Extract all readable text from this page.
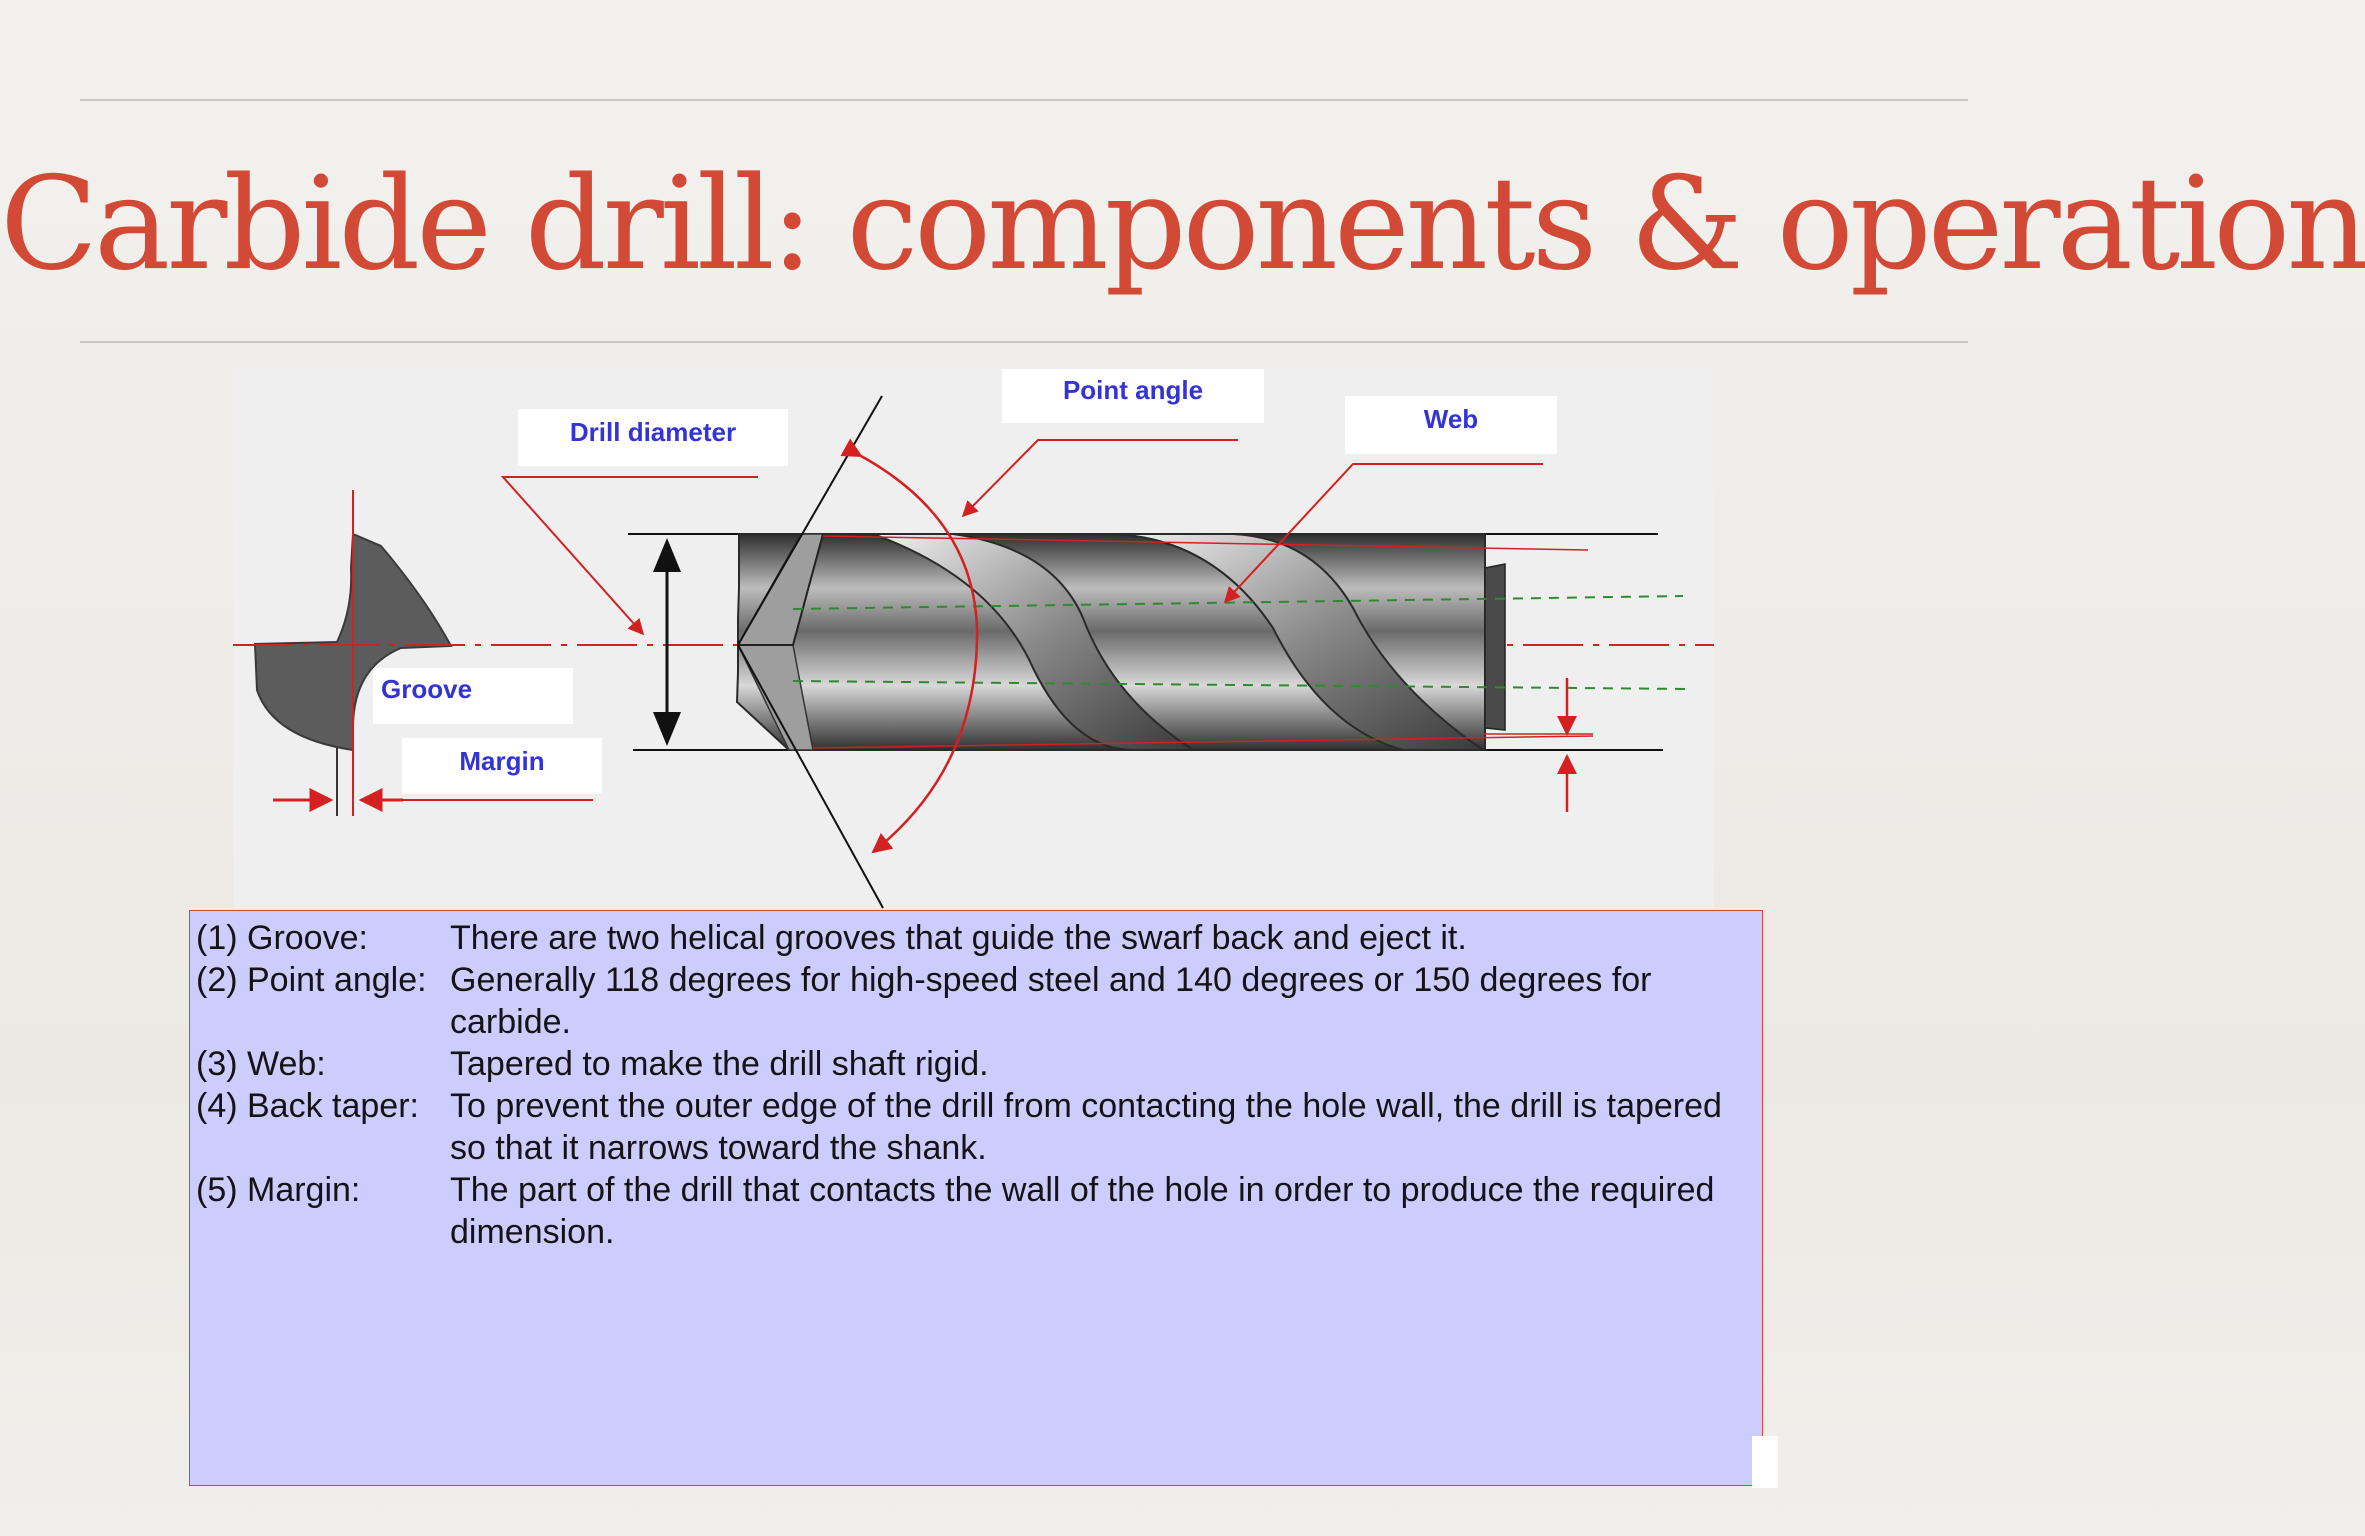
Carbide drill: components & operation
Point angle
Web
Drill diameter
Groove
Margin
(1) Groove:	There are two helical grooves that guide the swarf back and eject it.
(2) Point angle: Generally 118 degrees for high-speed steel and 140 degrees or 150 degrees for carbide.
(3) Web:	Tapered to make the drill shaft rigid.
(4) Back taper: To prevent the outer edge of the drill from contacting the hole wall, the drill is tapered so that it narrows toward the shank.
(5) Margin:	The part of the drill that contacts the wall of the hole in order to produce the required dimension.
